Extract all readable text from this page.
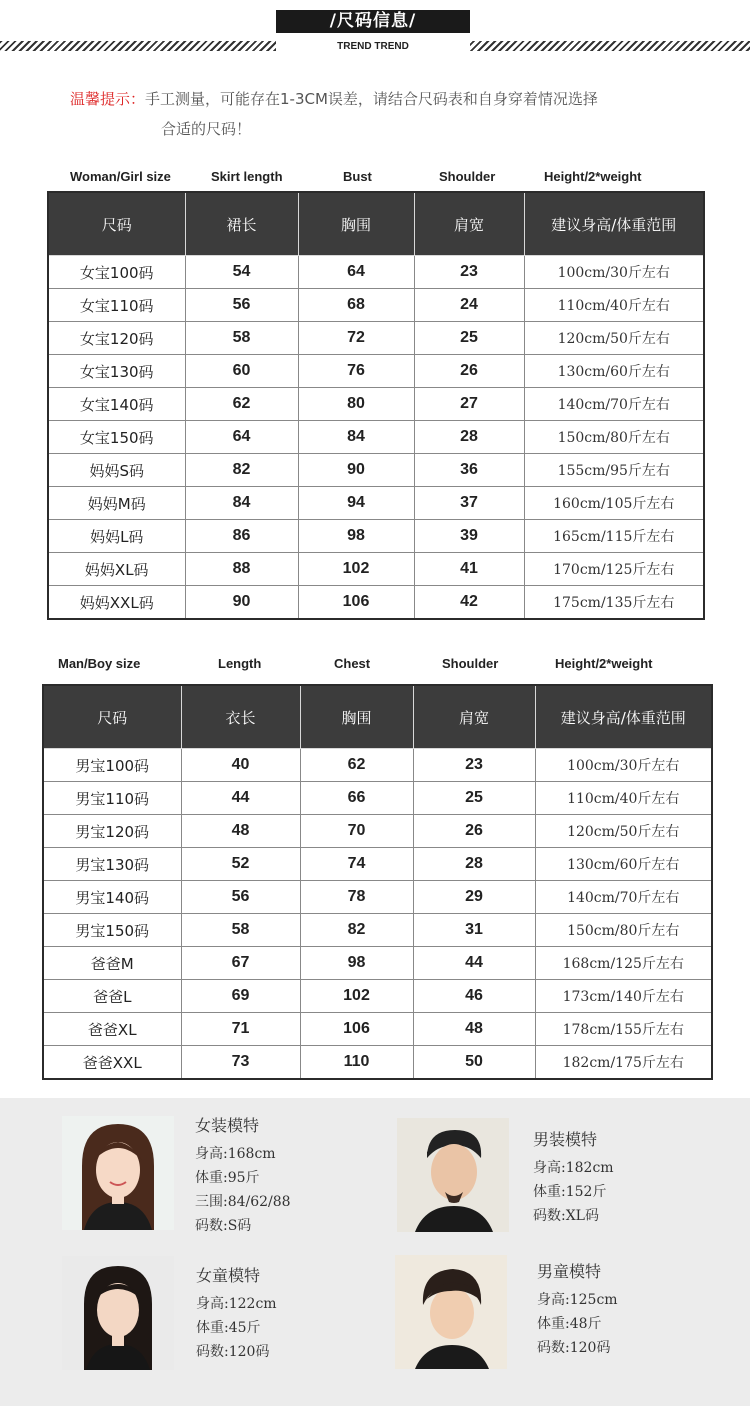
/尺码信息/
TREND TREND
温馨提示：手工测量，可能存在1-3CM误差，请结合尺码表和自身穿着情况选择
合适的尺码！
Woman/Girl size	Skirt length	Bust	Shoulder	Height/2*weight
尺码	裙长	胸围	肩宽	建议身高/体重范围
女宝100码	54	64	23	100cm/30斤左右
女宝110码	56	68	24	110cm/40斤左右
女宝120码	58	72	25	120cm/50斤左右
女宝130码	60	76	26	130cm/60斤左右
女宝140码	62	80	27	140cm/70斤左右
女宝150码	64	84	28	150cm/80斤左右
妈妈S码	82	90	36	155cm/95斤左右
妈妈M码	84	94	37	160cm/105斤左右
妈妈L码	86	98	39	165cm/115斤左右
妈妈XL码	88	102	41	170cm/125斤左右
妈妈XXL码	90	106	42	175cm/135斤左右
Man/Boy size	Length	Chest	Shoulder	Height/2*weight
尺码	衣长	胸围	肩宽	建议身高/体重范围
男宝100码	40	62	23	100cm/30斤左右
男宝110码	44	66	25	110cm/40斤左右
男宝120码	48	70	26	120cm/50斤左右
男宝130码	52	74	28	130cm/60斤左右
男宝140码	56	78	29	140cm/70斤左右
男宝150码	58	82	31	150cm/80斤左右
爸爸M	67	98	44	168cm/125斤左右
爸爸L	69	102	46	173cm/140斤左右
爸爸XL	71	106	48	178cm/155斤左右
爸爸XXL	73	110	50	182cm/175斤左右
女装模特
身高:168cm
体重:95斤
三围:84/62/88
码数:S码
男装模特
身高:182cm
体重:152斤
码数:XL码
女童模特
身高:122cm
体重:45斤
码数:120码
男童模特
身高:125cm
体重:48斤
码数:120码
